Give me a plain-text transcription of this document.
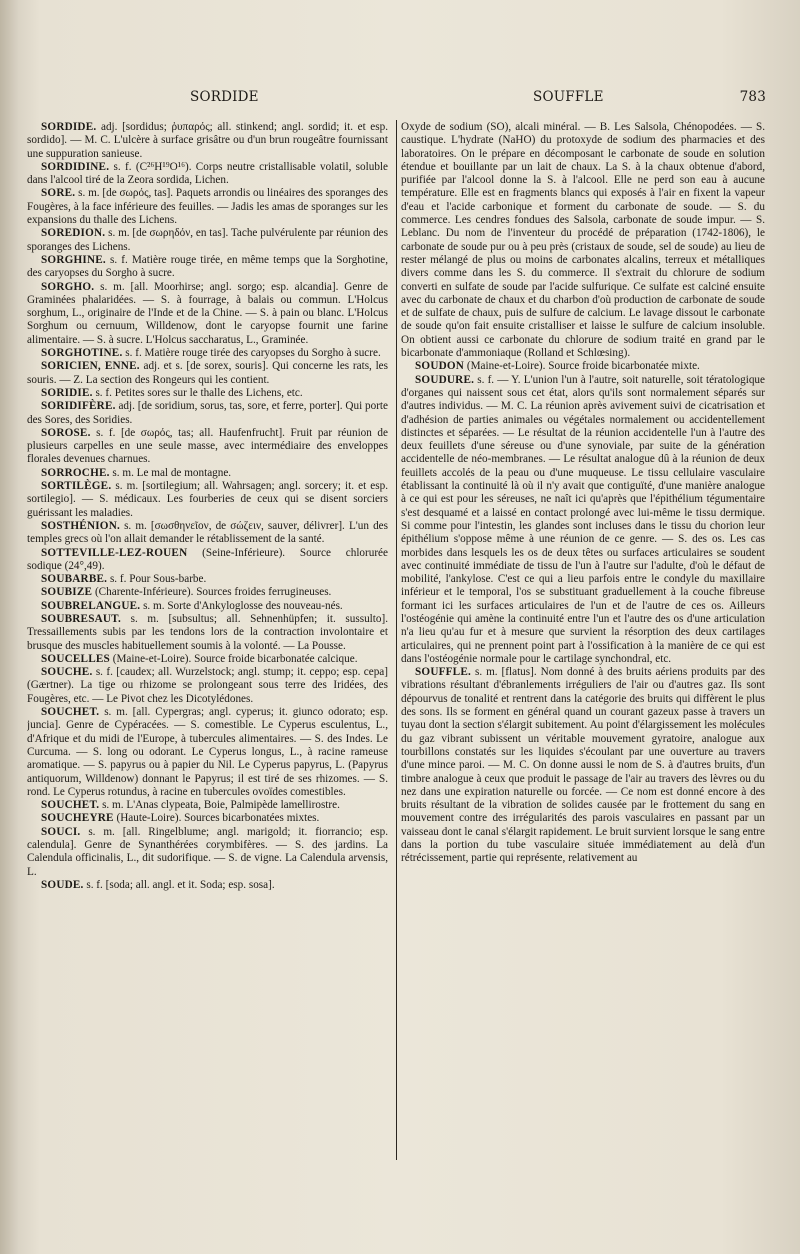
SORDIDE	SOUFFLE	783

SORDIDE. adj. [sordidus; ῥυπαρός; all. stinkend; angl. sordid; it. et esp. sordido]. — M. C. L'ulcère à surface grisâtre ou d'un brun rougeâtre fournissant une suppuration sanieuse.

SORDIDINE. s. f. (C²⁶H¹⁹O¹⁶). Corps neutre cristallisable volatil, soluble dans l'alcool tiré de la Zeora sordida, Lichen.

SORE. s. m. [de σωρός, tas]. Paquets arrondis ou linéaires des sporanges des Fougères, à la face inférieure des feuilles. — Jadis les amas de sporanges sur les expansions du thalle des Lichens.

SOREDION. s. m. [de σωρηδόν, en tas]. Tache pulvérulente par réunion des sporanges des Lichens.

SORGHINE. s. f. Matière rouge tirée, en même temps que la Sorghotine, des caryopses du Sorgho à sucre.

SORGHO. s. m. [all. Moorhirse; angl. sorgo; esp. alcandia]. Genre de Graminées phalaridées. — S. à fourrage, à balais ou commun. L'Holcus sorghum, L., originaire de l'Inde et de la Chine. — S. à pain ou blanc. L'Holcus Sorghum ou cernuum, Willdenow, dont le caryopse fournit une farine alimentaire. — S. à sucre. L'Holcus saccharatus, L., Graminée.

SORGHOTINE. s. f. Matière rouge tirée des caryopses du Sorgho à sucre.

SORICIEN, ENNE. adj. et s. [de sorex, souris]. Qui concerne les rats, les souris. — Z. La section des Rongeurs qui les contient.

SORIDIE. s. f. Petites sores sur le thalle des Lichens, etc.

SORIDIFÈRE. adj. [de soridium, sorus, tas, sore, et ferre, porter]. Qui porte des Sores, des Soridies.

SOROSE. s. f. [de σωρός, tas; all. Haufenfrucht]. Fruit par réunion de plusieurs carpelles en une seule masse, avec intermédiaire des enveloppes florales devenues charnues.

SORROCHE. s. m. Le mal de montagne.

SORTILÈGE. s. m. [sortilegium; all. Wahrsagen; angl. sorcery; it. et esp. sortilegio]. — S. médicaux. Les fourberies de ceux qui se disent sorciers guérissant les maladies.

SOSTHÉNION. s. m. [σωσθηνεῖον, de σώζειν, sauver, délivrer]. L'un des temples grecs où l'on allait demander le rétablissement de la santé.

SOTTEVILLE-LEZ-ROUEN (Seine-Inférieure). Source chlorurée sodique (24°,49).

SOUBARBE. s. f. Pour Sous-barbe.

SOUBIZE (Charente-Inférieure). Sources froides ferrugineuses.

SOUBRELANGUE. s. m. Sorte d'Ankyloglosse des nouveau-nés.

SOUBRESAUT. s. m. [subsultus; all. Sehnenhüpfen; it. sussulto]. Tressaillements subis par les tendons lors de la contraction involontaire et brusque des muscles habituellement soumis à la volonté. — La Pousse.

SOUCELLES (Maine-et-Loire). Source froide bicarbonatée calcique.

SOUCHE. s. f. [caudex; all. Wurzelstock; angl. stump; it. ceppo; esp. cepa] (Gærtner). La tige ou rhizome se prolongeant sous terre des Iridées, des Fougères, etc. — Le Pivot chez les Dicotylédones.

SOUCHET. s. m. [all. Cypergras; angl. cyperus; it. giunco odorato; esp. juncia]. Genre de Cypéracées. — S. comestible. Le Cyperus esculentus, L., d'Afrique et du midi de l'Europe, à tubercules alimentaires. — S. des Indes. Le Curcuma. — S. long ou odorant. Le Cyperus longus, L., à racine rameuse aromatique. — S. papyrus ou à papier du Nil. Le Cyperus papyrus, L. (Papyrus antiquorum, Willdenow) donnant le Papyrus; il est tiré de ses rhizomes. — S. rond. Le Cyperus rotundus, à racine en tubercules ovoïdes comestibles.

SOUCHET. s. m. L'Anas clypeata, Boie, Palmipède lamellirostre.

SOUCHEYRE (Haute-Loire). Sources bicarbonatées mixtes.

SOUCI. s. m. [all. Ringelblume; angl. marigold; it. fiorrancio; esp. calendula]. Genre de Synanthérées corymbifères. — S. des jardins. La Calendula officinalis, L., dit sudorifique. — S. de vigne. La Calendula arvensis, L.

SOUDE. s. f. [soda; all. angl. et it. Soda; esp. sosa].

Oxyde de sodium (SO), alcali minéral. — B. Les Salsola, Chénopodées. — S. caustique. L'hydrate (NaHO) du protoxyde de sodium des pharmacies et des laboratoires. On le prépare en décomposant le carbonate de soude en solution étendue et bouillante par un lait de chaux. La S. à la chaux obtenue d'abord, purifiée par l'alcool donne la S. à l'alcool. Elle ne perd son eau à aucune température. Elle est en fragments blancs qui exposés à l'air en fixent la vapeur d'eau et l'acide carbonique et forment du carbonate de soude. — S. du commerce. Les cendres fondues des Salsola, carbonate de soude impur. — S. Leblanc. Du nom de l'inventeur du procédé de préparation (1742-1806), le carbonate de soude pur ou à peu près (cristaux de soude, sel de soude) au lieu de rester mélangé de plus ou moins de carbonates alcalins, terreux et métalliques divers comme dans les S. du commerce. Il s'extrait du chlorure de sodium converti en sulfate de soude par l'acide sulfurique. Ce sulfate est calciné ensuite avec du carbonate de chaux et du charbon d'où production de carbonate de soude et de sulfate de chaux, puis de sulfure de calcium. Le lavage dissout le carbonate de soude qu'on fait ensuite cristalliser et laisse le sulfure de calcium insoluble. On obtient aussi ce carbonate du chlorure de sodium traité en grand par le bicarbonate d'ammoniaque (Rolland et Schlœsing).

SOUDON (Maine-et-Loire). Source froide bicarbonatée mixte.

SOUDURE. s. f. — Y. L'union l'un à l'autre, soit naturelle, soit tératologique d'organes qui naissent sous cet état, alors qu'ils sont normalement séparés sur d'autres individus. — M. C. La réunion après avivement suivi de cicatrisation et d'adhésion de parties animales ou végétales normalement ou accidentellement distinctes et séparées. — Le résultat de la réunion accidentelle l'un à l'autre des deux feuillets d'une séreuse ou d'une synoviale, par suite de la génération accidentelle de néo-membranes. — Le résultat analogue dû à la réunion de deux feuillets accolés de la peau ou d'une muqueuse. Le tissu cellulaire vasculaire établissant la continuité là où il n'y avait que contiguïté, d'une manière analogue à ce qui est pour les séreuses, ne naît ici qu'après que l'épithélium tégumentaire s'est desquamé et a laissé en contact prolongé avec lui-même le tissu dermique. Si comme pour l'intestin, les glandes sont incluses dans le tissu du chorion leur épithélium s'oppose même à une réunion de ce genre. — S. des os. Les cas morbides dans lesquels les os de deux têtes ou surfaces articulaires se soudent avec continuité immédiate de tissu de l'un à l'autre sur l'adulte, d'où le défaut de mobilité, l'ankylose. C'est ce qui a lieu parfois entre le condyle du maxillaire inférieur et le temporal, l'os se substituant graduellement à la couche fibreuse formant ici les surfaces articulaires de l'un et de l'autre de ces os. Ailleurs l'ostéogénie qui amène la continuité entre l'un et l'autre des os d'une articulation n'a lieu qu'au fur et à mesure que survient la résorption des deux cartilages articulaires, qui ne prennent point part à l'ossification à la manière de ce qui est dans l'ostéogénie normale pour le cartilage synchondral, etc.

SOUFFLE. s. m. [flatus]. Nom donné à des bruits aériens produits par des vibrations résultant d'ébranlements irréguliers de l'air ou d'autres gaz. Ils sont dépourvus de tonalité et rentrent dans la catégorie des bruits qui diffèrent le plus des sons. Ils se forment en général quand un courant gazeux passe à travers un tuyau dont la section s'élargit subitement. Au point d'élargissement les molécules du gaz vibrant subissent un véritable mouvement gyratoire, analogue aux tourbillons constatés sur les liquides s'écoulant par une ouverture au travers d'une mince paroi. — M. C. On donne aussi le nom de S. à d'autres bruits, d'un timbre analogue à ceux que produit le passage de l'air au travers des lèvres ou du nez dans une expiration naturelle ou forcée. — Ce nom est donné encore à des bruits résultant de la vibration de solides causée par le frottement du sang en mouvement contre des irrégularités des parois vasculaires en passant par un vaisseau dont le canal s'élargit rapidement. Le bruit survient lorsque le sang entre dans la portion du tube vasculaire située immédiatement au delà d'un rétrécissement, partie qui représente, relativement au
